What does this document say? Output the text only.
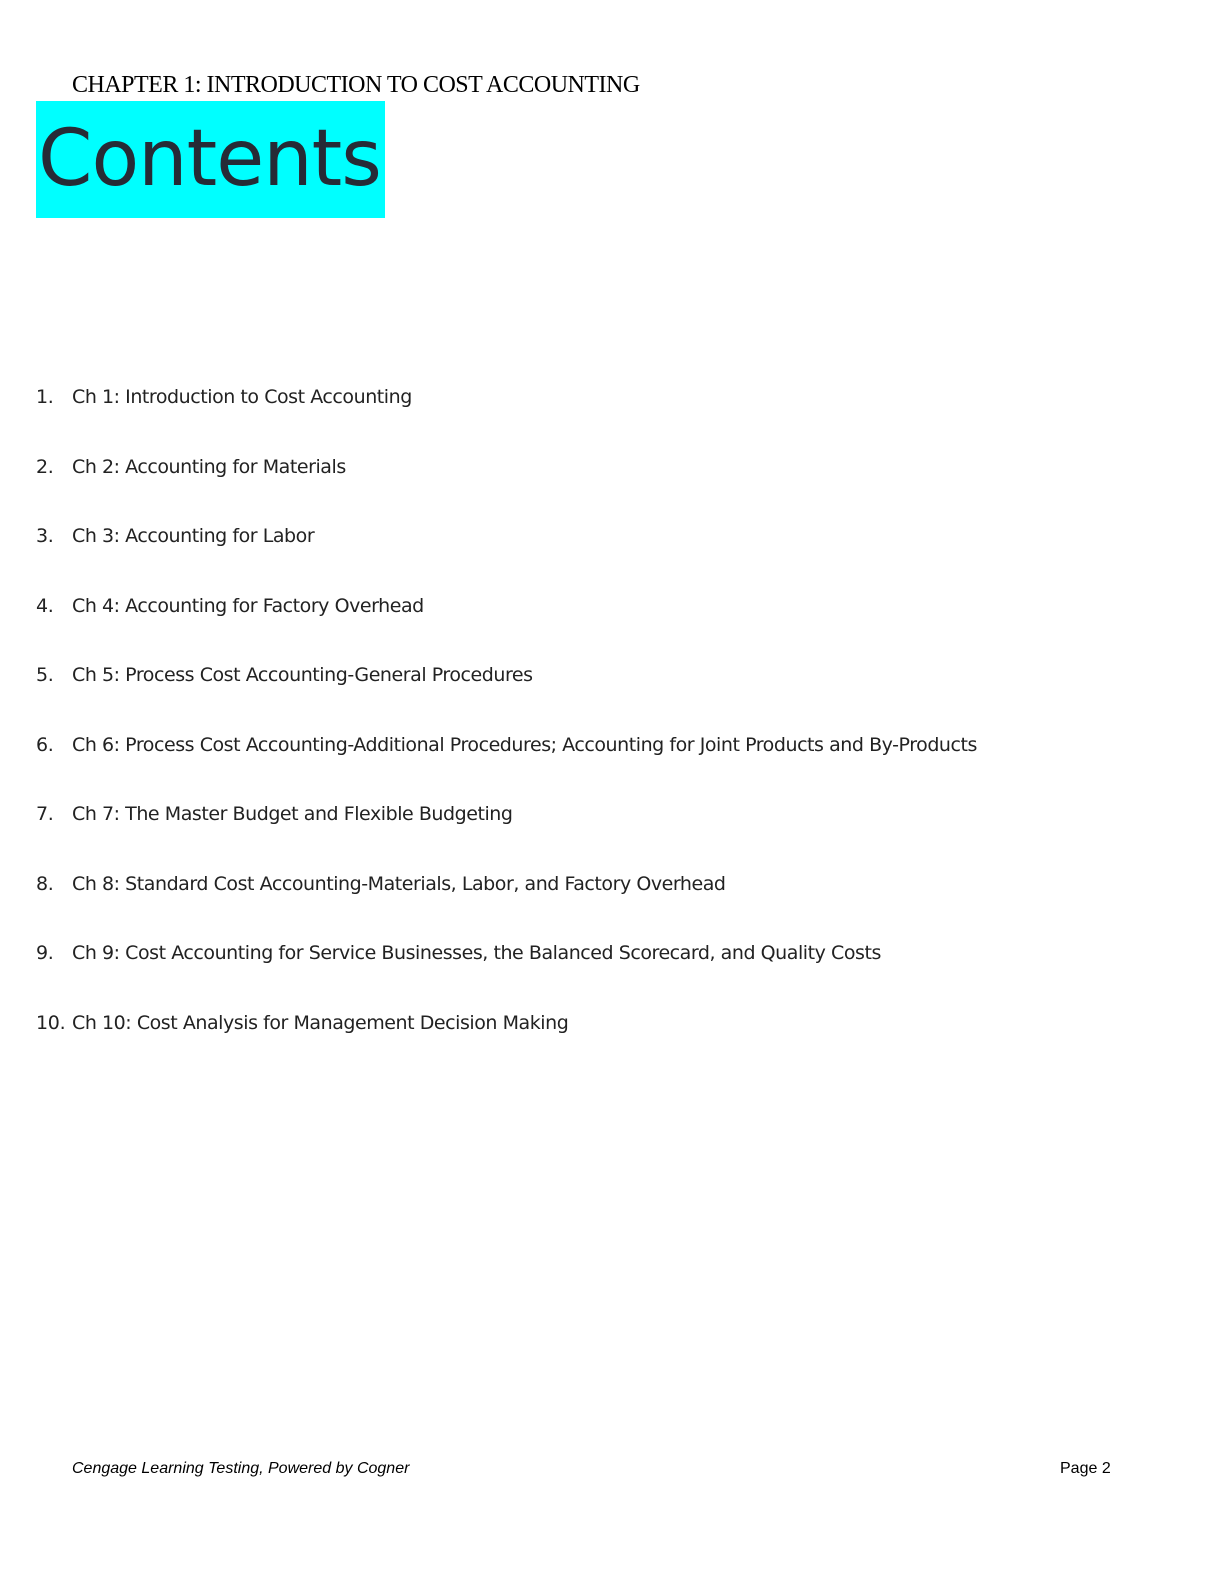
CHAPTER 1: INTRODUCTION TO COST ACCOUNTING
Contents
1. Ch 1: Introduction to Cost Accounting
2. Ch 2: Accounting for Materials
3. Ch 3: Accounting for Labor
4. Ch 4: Accounting for Factory Overhead
5. Ch 5: Process Cost Accounting-General Procedures
6. Ch 6: Process Cost Accounting-Additional Procedures; Accounting for Joint Products and By-Products
7. Ch 7: The Master Budget and Flexible Budgeting
8. Ch 8: Standard Cost Accounting-Materials, Labor, and Factory Overhead
9. Ch 9: Cost Accounting for Service Businesses, the Balanced Scorecard, and Quality Costs
10. Ch 10: Cost Analysis for Management Decision Making
Cengage Learning Testing, Powered by Cogner	Page 2
